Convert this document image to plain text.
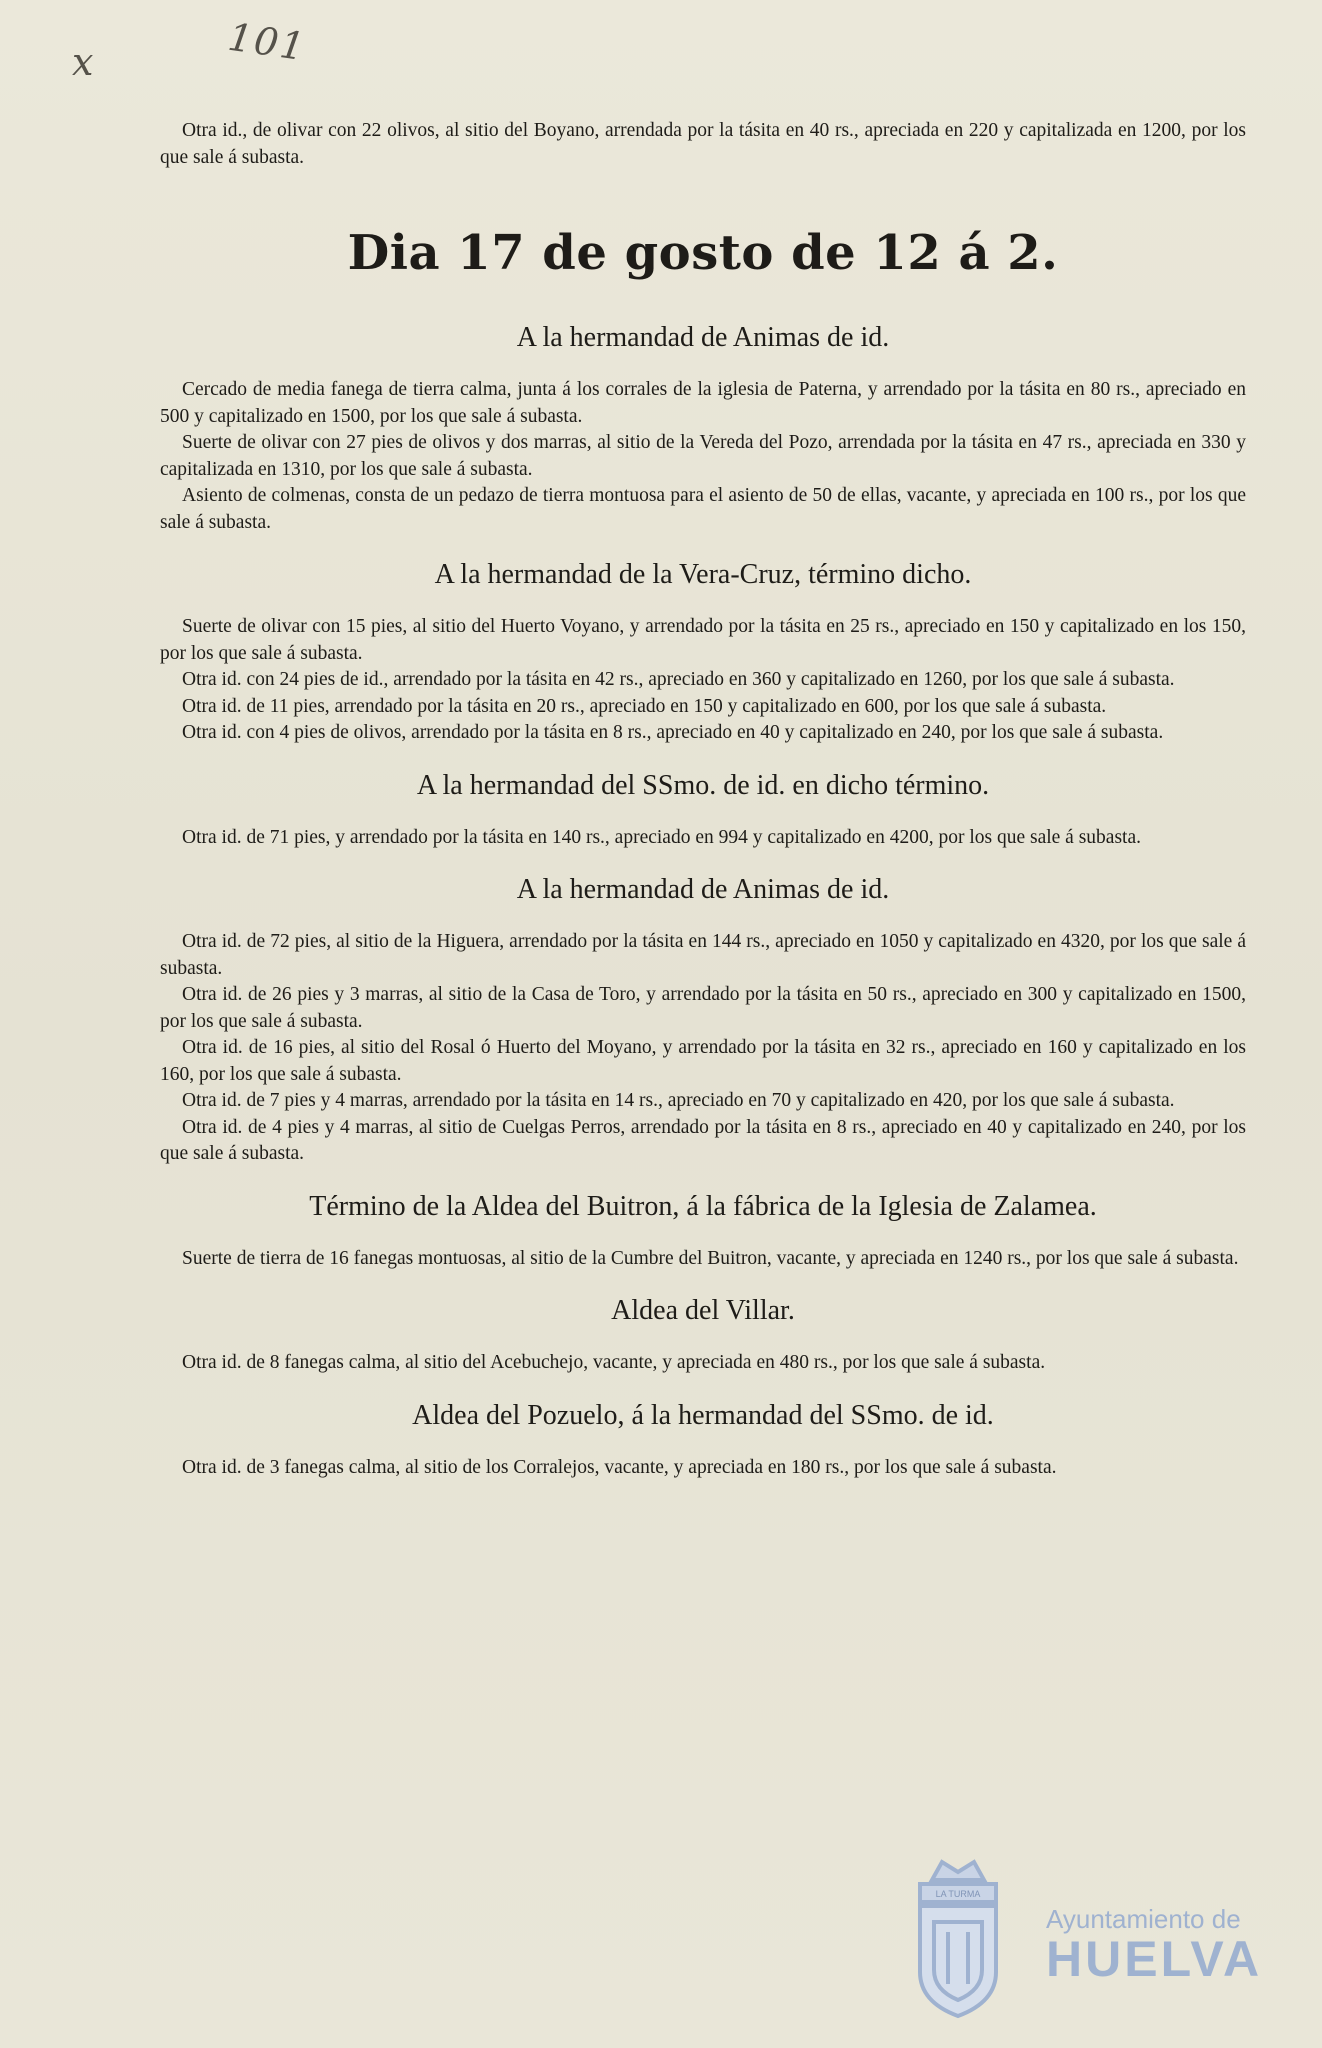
x	101

Otra id., de olivar con 22 olivos, al sitio del Boyano, arrendada por la tásita en 40 rs., apreciada en 220 y capitalizada en 1200, por los que sale á subasta.

Dia 17 de gosto de 12 á 2.
A la hermandad de Animas de id.

Cercado de media fanega de tierra calma, junta á los corrales de la iglesia de Paterna, y arrendado por la tásita en 80 rs., apreciado en 500 y capitalizado en 1500, por los que sale á subasta.

Suerte de olivar con 27 pies de olivos y dos marras, al sitio de la Vereda del Pozo, arrendada por la tásita en 47 rs., apreciada en 330 y capitalizada en 1310, por los que sale á subasta.

Asiento de colmenas, consta de un pedazo de tierra montuosa para el asiento de 50 de ellas, vacante, y apreciada en 100 rs., por los que sale á subasta.

A la hermandad de la Vera-Cruz, término dicho.

Suerte de olivar con 15 pies, al sitio del Huerto Voyano, y arrendado por la tásita en 25 rs., apreciado en 150 y capitalizado en los 150, por los que sale á subasta.

Otra id. con 24 pies de id., arrendado por la tásita en 42 rs., apreciado en 360 y capitalizado en 1260, por los que sale á subasta.

Otra id. de 11 pies, arrendado por la tásita en 20 rs., apreciado en 150 y capitalizado en 600, por los que sale á subasta.

Otra id. con 4 pies de olivos, arrendado por la tásita en 8 rs., apreciado en 40 y capitalizado en 240, por los que sale á subasta.

A la hermandad del SSmo. de id. en dicho término.

Otra id. de 71 pies, y arrendado por la tásita en 140 rs., apreciado en 994 y capitalizado en 4200, por los que sale á subasta.

A la hermandad de Animas de id.

Otra id. de 72 pies, al sitio de la Higuera, arrendado por la tásita en 144 rs., apreciado en 1050 y capitalizado en 4320, por los que sale á subasta.

Otra id. de 26 pies y 3 marras, al sitio de la Casa de Toro, y arrendado por la tásita en 50 rs., apreciado en 300 y capitalizado en 1500, por los que sale á subasta.

Otra id. de 16 pies, al sitio del Rosal ó Huerto del Moyano, y arrendado por la tásita en 32 rs., apreciado en 160 y capitalizado en los 160, por los que sale á subasta.

Otra id. de 7 pies y 4 marras, arrendado por la tásita en 14 rs., apreciado en 70 y capitalizado en 420, por los que sale á subasta.

Otra id. de 4 pies y 4 marras, al sitio de Cuelgas Perros, arrendado por la tásita en 8 rs., apreciado en 40 y capitalizado en 240, por los que sale á subasta.

Término de la Aldea del Buitron, á la fábrica de la Iglesia de Zalamea.

Suerte de tierra de 16 fanegas montuosas, al sitio de la Cumbre del Buitron, vacante, y apreciada en 1240 rs., por los que sale á subasta.

Aldea del Villar.

Otra id. de 8 fanegas calma, al sitio del Acebuchejo, vacante, y apreciada en 480 rs., por los que sale á subasta.

Aldea del Pozuelo, á la hermandad del SSmo. de id.

Otra id. de 3 fanegas calma, al sitio de los Corralejos, vacante, y apreciada en 180 rs., por los que sale á subasta.

LA TURMA
Ayuntamiento de
HUELVA
